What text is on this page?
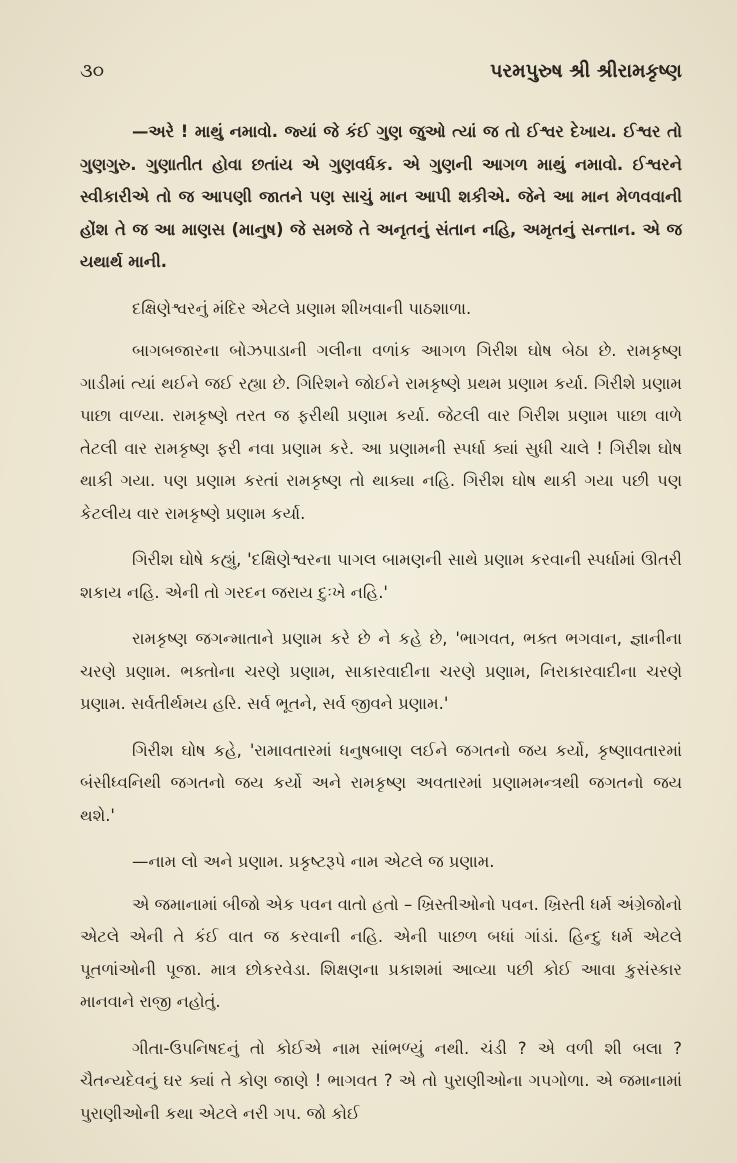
૩૦	પરમપુરુષ શ્રી શ્રીરામકૃષ્ણ

—અરે ! માથું નમાવો. જ્યાં જે કંઈ ગુણ જુઓ ત્યાં જ તો ઈશ્વર દેખાય. ઈશ્વર તો ગુણગુરુ. ગુણાતીત હોવા છતાંય એ ગુણવર્ધક. એ ગુણની આગળ માથું નમાવો. ઈશ્વરને સ્વીકારીએ તો જ આપણી જાતને પણ સાચું માન આપી શકીએ. જેને આ માન મેળવવાની હોંશ તે જ આ માણસ (માનુષ) જે સમજે તે અનૃતનું સંતાન નહિ, અમૃતનું સન્તાન. એ જ યથાર્થ માની.

દક્ષિણેશ્વરનું મંદિર એટલે પ્રણામ શીખવાની પાઠશાળા.

બાગબજારના બોઝપાડાની ગલીના વળાંક આગળ ગિરીશ ઘોષ બેઠા છે. રામકૃષ્ણ ગાડીમાં ત્યાં થઈને જઈ રહ્યા છે. ગિરિશને જોઈને રામકૃષ્ણે પ્રથમ પ્રણામ કર્યા. ગિરીશે પ્રણામ પાછા વાળ્યા. રામકૃષ્ણે તરત જ ફરીથી પ્રણામ કર્યા. જેટલી વાર ગિરીશ પ્રણામ પાછા વાળે તેટલી વાર રામકૃષ્ણ ફરી નવા પ્રણામ કરે. આ પ્રણામની સ્પર્ધા ક્યાં સુધી ચાલે ! ગિરીશ ઘોષ થાકી ગયા. પણ પ્રણામ કરતાં રામકૃષ્ણ તો થાક્યા નહિ. ગિરીશ ઘોષ થાકી ગયા પછી પણ કેટલીય વાર રામકૃષ્ણે પ્રણામ કર્યા.

ગિરીશ ઘોષે કહ્યું, 'દક્ષિણેશ્વરના પાગલ બામણની સાથે પ્રણામ કરવાની સ્પર્ધામાં ઊતરી શકાય નહિ. એની તો ગરદન જરાય દુઃખે નહિ.'

રામકૃષ્ણ જગન્માતાને પ્રણામ કરે છે ને કહે છે, 'ભાગવત, ભક્ત ભગવાન, જ્ઞાનીના ચરણે પ્રણામ. ભક્તોના ચરણે પ્રણામ, સાકારવાદીના ચરણે પ્રણામ, નિરાકારવાદીના ચરણે પ્રણામ. સર્વતીર્થમય હરિ. સર્વ ભૂતને, સર્વ જીવને પ્રણામ.'

ગિરીશ ઘોષ કહે, 'રામાવતારમાં ધનુષબાણ લઈને જગતનો જય કર્યો, કૃષ્ણાવતારમાં બંસીધ્વનિથી જગતનો જય કર્યો અને રામકૃષ્ણ અવતારમાં પ્રણામમન્ત્રથી જગતનો જય થશે.'

—નામ લો અને પ્રણામ. પ્રકૃષ્ટરૂપે નામ એટલે જ પ્રણામ.

એ જમાનામાં બીજો એક પવન વાતો હતો – ખ્રિસ્તીઓનો પવન. ખ્રિસ્તી ધર્મ અંગ્રેજોનો એટલે એની તે કંઈ વાત જ કરવાની નહિ. એની પાછળ બધાં ગાંડાં. હિન્દુ ધર્મ એટલે પૂતળાંઓની પૂજા. માત્ર છોકરવેડા. શિક્ષણના પ્રકાશમાં આવ્યા પછી કોઈ આવા કુસંસ્કાર માનવાને રાજી નહોતું.

ગીતા-ઉપનિષદનું તો કોઈએ નામ સાંભળ્યું નથી. ચંડી ? એ વળી શી બલા ? ચૈતન્યદેવનું ઘર ક્યાં તે કોણ જાણે ! ભાગવત ? એ તો પુરાણીઓના ગપગોળા. એ જમાનામાં પુરાણીઓની કથા એટલે નરી ગપ. જો કોઈ
